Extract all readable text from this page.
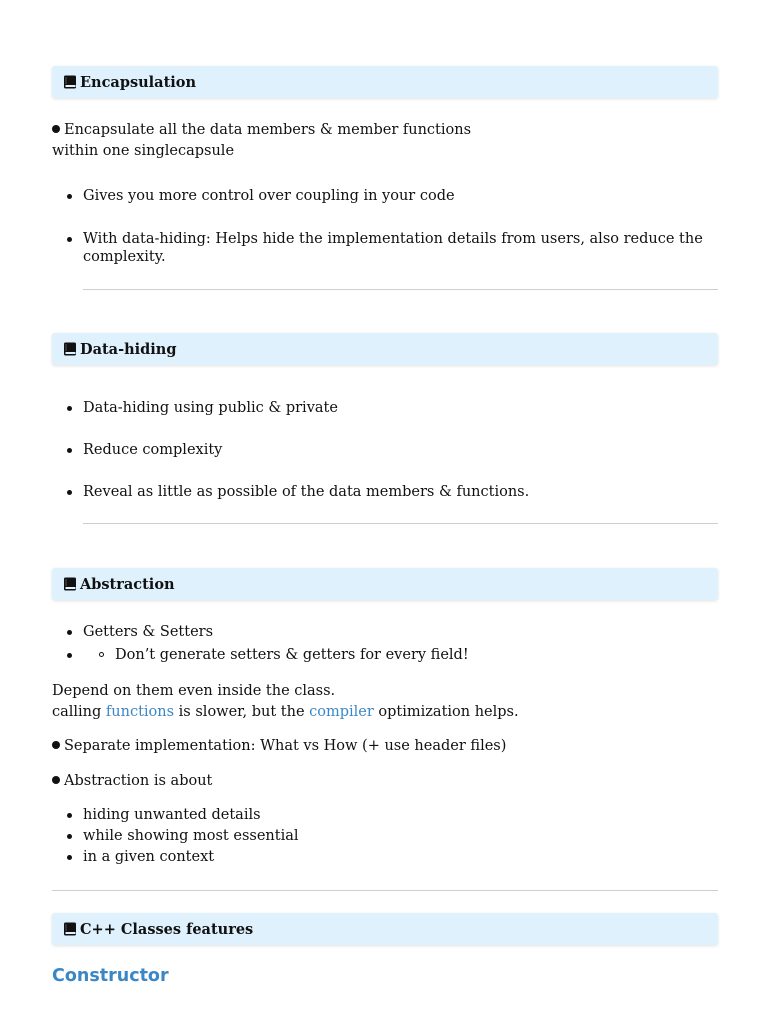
Encapsulation
Encapsulate all the data members & member functions
within one singlecapsule
Gives you more control over coupling in your code
With data-hiding: Helps hide the implementation details from users, also reduce the complexity.
Data-hiding
Data-hiding using public & private
Reduce complexity
Reveal as little as possible of the data members & functions.
Abstraction
Getters & Setters
Don’t generate setters & getters for every field!
Depend on them even inside the class.
calling functions is slower, but the compiler optimization helps.
Separate implementation: What vs How (+ use header files)
Abstraction is about
hiding unwanted details
while showing most essential
in a given context
C++ Classes features
Constructor
